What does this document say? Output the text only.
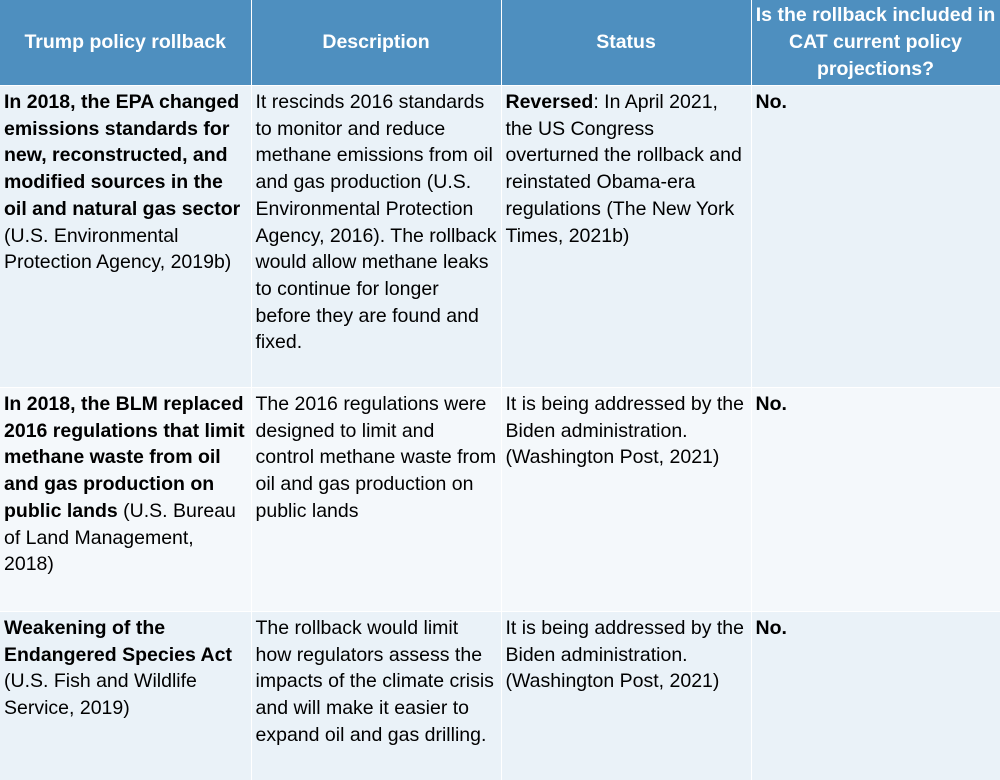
Trump policy rollback	Description	Status	Is the rollback included in CAT current policy projections?
In 2018, the EPA changed emissions standards for new, reconstructed, and modified sources in the oil and natural gas sector (U.S. Environmental Protection Agency, 2019b)	It rescinds 2016 standards to monitor and reduce methane emissions from oil and gas production (U.S. Environmental Protection Agency, 2016). The rollback would allow methane leaks to continue for longer before they are found and fixed.	Reversed: In April 2021, the US Congress overturned the rollback and reinstated Obama-era regulations (The New York Times, 2021b)	No.
In 2018, the BLM replaced 2016 regulations that limit methane waste from oil and gas production on public lands (U.S. Bureau of Land Management, 2018)	The 2016 regulations were designed to limit and control methane waste from oil and gas production on public lands	It is being addressed by the Biden administration. (Washington Post, 2021)	No.
Weakening of the Endangered Species Act (U.S. Fish and Wildlife Service, 2019)	The rollback would limit how regulators assess the impacts of the climate crisis and will make it easier to expand oil and gas drilling.	It is being addressed by the Biden administration. (Washington Post, 2021)	No.
